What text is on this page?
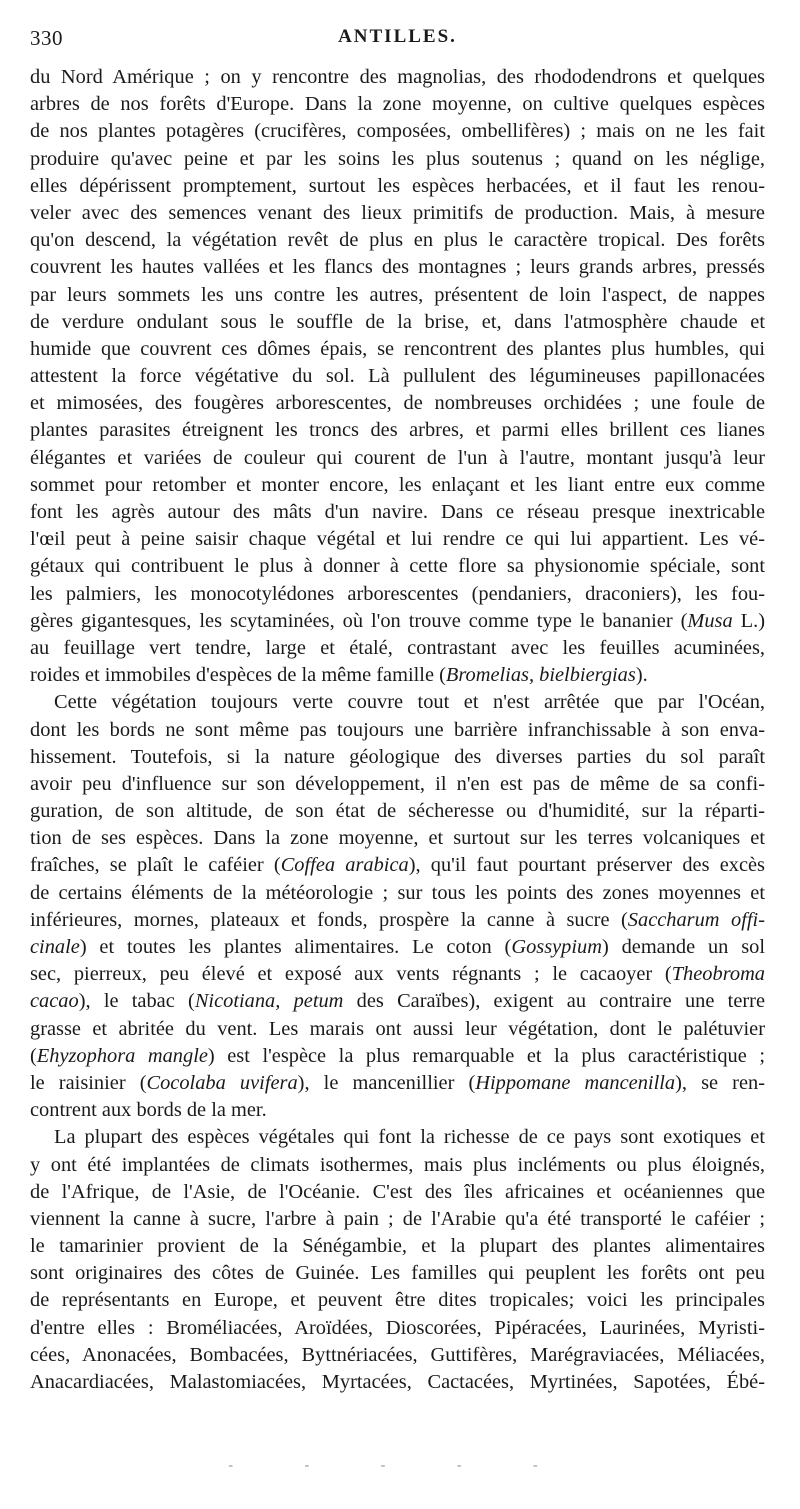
330	ANTILLES.
du Nord Amérique ; on y rencontre des magnolias, des rhododendrons et quelques
arbres de nos forêts d'Europe. Dans la zone moyenne, on cultive quelques espèces
de nos plantes potagères (crucifères, composées, ombellifères) ; mais on ne les fait
produire qu'avec peine et par les soins les plus soutenus ; quand on les néglige,
elles dépérissent promptement, surtout les espèces herbacées, et il faut les renou-
veler avec des semences venant des lieux primitifs de production. Mais, à mesure
qu'on descend, la végétation revêt de plus en plus le caractère tropical. Des forêts
couvrent les hautes vallées et les flancs des montagnes ; leurs grands arbres, pressés
par leurs sommets les uns contre les autres, présentent de loin l'aspect, de nappes
de verdure ondulant sous le souffle de la brise, et, dans l'atmosphère chaude et
humide que couvrent ces dômes épais, se rencontrent des plantes plus humbles, qui
attestent la force végétative du sol. Là pullulent des légumineuses papillonacées
et mimosées, des fougères arborescentes, de nombreuses orchidées ; une foule de
plantes parasites étreignent les troncs des arbres, et parmi elles brillent ces lianes
élégantes et variées de couleur qui courent de l'un à l'autre, montant jusqu'à leur
sommet pour retomber et monter encore, les enlaçant et les liant entre eux comme
font les agrès autour des mâts d'un navire. Dans ce réseau presque inextricable
l'œil peut à peine saisir chaque végétal et lui rendre ce qui lui appartient. Les vé-
gétaux qui contribuent le plus à donner à cette flore sa physionomie spéciale, sont
les palmiers, les monocotylédones arborescentes (pendaniers, draconiers), les fou-
gères gigantesques, les scytaminées, où l'on trouve comme type le bananier (Musa L.)
au feuillage vert tendre, large et étalé, contrastant avec les feuilles acuminées,
roides et immobiles d'espèces de la même famille (Bromelias, bielbiergias).
Cette végétation toujours verte couvre tout et n'est arrêtée que par l'Océan,
dont les bords ne sont même pas toujours une barrière infranchissable à son enva-
hissement. Toutefois, si la nature géologique des diverses parties du sol paraît
avoir peu d'influence sur son développement, il n'en est pas de même de sa confi-
guration, de son altitude, de son état de sécheresse ou d'humidité, sur la réparti-
tion de ses espèces. Dans la zone moyenne, et surtout sur les terres volcaniques et
fraîches, se plaît le caféier (Coffea arabica), qu'il faut pourtant préserver des excès
de certains éléments de la météorologie ; sur tous les points des zones moyennes et
inférieures, mornes, plateaux et fonds, prospère la canne à sucre (Saccharum offi-
cinale) et toutes les plantes alimentaires. Le coton (Gossypium) demande un sol
sec, pierreux, peu élevé et exposé aux vents régnants ; le cacaoyer (Theobroma
cacao), le tabac (Nicotiana, petum des Caraïbes), exigent au contraire une terre
grasse et abritée du vent. Les marais ont aussi leur végétation, dont le palétuvier
(Ehyzophora mangle) est l'espèce la plus remarquable et la plus caractéristique ;
le raisinier (Cocolaba uvifera), le mancenillier (Hippomane mancenilla), se ren-
contrent aux bords de la mer.
La plupart des espèces végétales qui font la richesse de ce pays sont exotiques et
y ont été implantées de climats isothermes, mais plus incléments ou plus éloignés,
de l'Afrique, de l'Asie, de l'Océanie. C'est des îles africaines et océaniennes que
viennent la canne à sucre, l'arbre à pain ; de l'Arabie qu'a été transporté le caféier ;
le tamarinier provient de la Sénégambie, et la plupart des plantes alimentaires
sont originaires des côtes de Guinée. Les familles qui peuplent les forêts ont peu
de représentants en Europe, et peuvent être dites tropicales; voici les principales
d'entre elles : Broméliacées, Aroïdées, Dioscorées, Pipéracées, Laurinées, Myristi-
cées, Anonacées, Bombacées, Byttnériacées, Guttifères, Marégraviacées, Méliacées,
Anacardiacées, Malastomiacées, Myrtacées, Cactacées, Myrtinées, Sapotées, Ébé-
- - - - -
